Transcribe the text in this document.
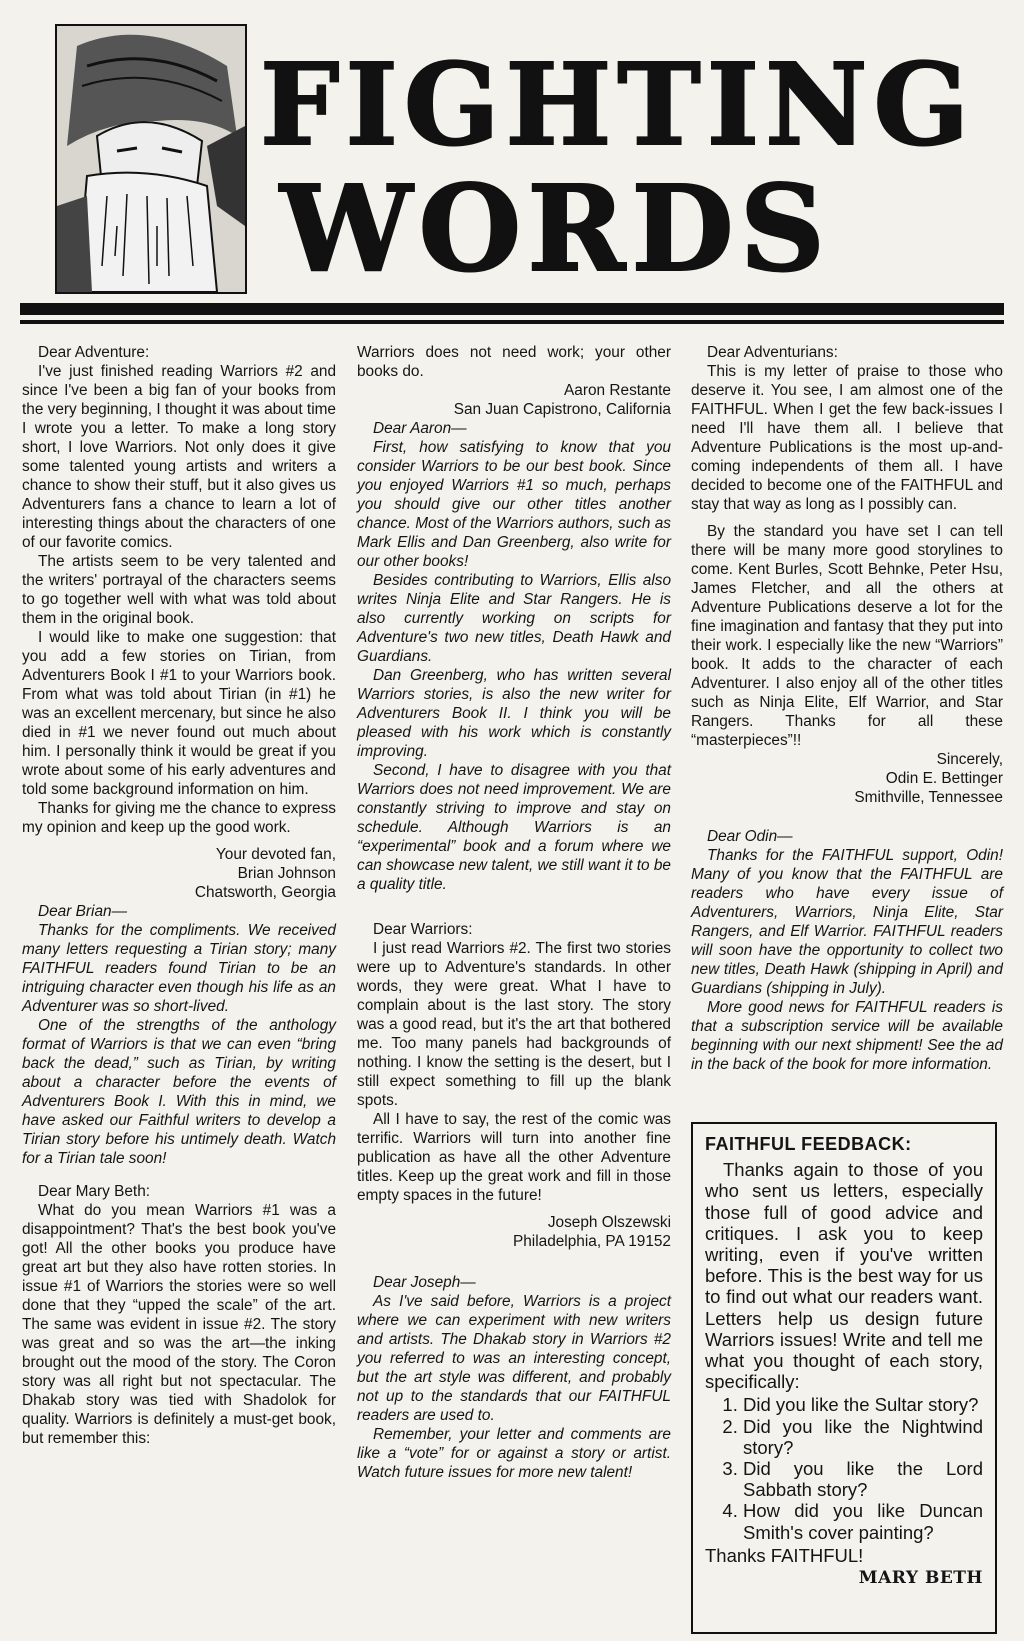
FIGHTING
WORDS

Dear Adventure:

I've just finished reading Warriors #2 and since I've been a big fan of your books from the very beginning, I thought it was about time I wrote you a letter. To make a long story short, I love Warriors. Not only does it give some talented young artists and writers a chance to show their stuff, but it also gives us Adventurers fans a chance to learn a lot of interesting things about the characters of one of our favorite comics.

The artists seem to be very talented and the writers' portrayal of the characters seems to go together well with what was told about them in the original book.

I would like to make one suggestion: that you add a few stories on Tirian, from Adventurers Book I #1 to your Warriors book. From what was told about Tirian (in #1) he was an excellent mercenary, but since he also died in #1 we never found out much about him. I personally think it would be great if you wrote about some of his early adventures and told some background information on him.

Thanks for giving me the chance to express my opinion and keep up the good work.

Your devoted fan,

Brian Johnson

Chatsworth, Georgia

Dear Brian—

Thanks for the compliments. We received many letters requesting a Tirian story; many FAITHFUL readers found Tirian to be an intriguing character even though his life as an Adventurer was so short-lived.

One of the strengths of the anthology format of Warriors is that we can even “bring back the dead,” such as Tirian, by writing about a character before the events of Adventurers Book I. With this in mind, we have asked our Faithful writers to develop a Tirian story before his untimely death. Watch for a Tirian tale soon!

Dear Mary Beth:

What do you mean Warriors #1 was a disappointment? That's the best book you've got! All the other books you produce have great art but they also have rotten stories. In issue #1 of Warriors the stories were so well done that they “upped the scale” of the art. The same was evident in issue #2. The story was great and so was the art—the inking brought out the mood of the story. The Coron story was all right but not spectacular. The Dhakab story was tied with Shadolok for quality. Warriors is definitely a must-get book, but remember this:

Warriors does not need work; your other books do.

Aaron Restante

San Juan Capistrono, California

Dear Aaron—

First, how satisfying to know that you consider Warriors to be our best book. Since you enjoyed Warriors #1 so much, perhaps you should give our other titles another chance. Most of the Warriors authors, such as Mark Ellis and Dan Greenberg, also write for our other books!

Besides contributing to Warriors, Ellis also writes Ninja Elite and Star Rangers. He is also currently working on scripts for Adventure's two new titles, Death Hawk and Guardians.

Dan Greenberg, who has written several Warriors stories, is also the new writer for Adventurers Book II. I think you will be pleased with his work which is constantly improving.

Second, I have to disagree with you that Warriors does not need improvement. We are constantly striving to improve and stay on schedule. Although Warriors is an “experimental” book and a forum where we can showcase new talent, we still want it to be a quality title.

Dear Warriors:

I just read Warriors #2. The first two stories were up to Adventure's standards. In other words, they were great. What I have to complain about is the last story. The story was a good read, but it's the art that bothered me. Too many panels had backgrounds of nothing. I know the setting is the desert, but I still expect something to fill up the blank spots.

All I have to say, the rest of the comic was terrific. Warriors will turn into another fine publication as have all the other Adventure titles. Keep up the great work and fill in those empty spaces in the future!

Joseph Olszewski

Philadelphia, PA 19152

Dear Joseph—

As I've said before, Warriors is a project where we can experiment with new writers and artists. The Dhakab story in Warriors #2 you referred to was an interesting concept, but the art style was different, and probably not up to the standards that our FAITHFUL readers are used to.

Remember, your letter and comments are like a “vote” for or against a story or artist. Watch future issues for more new talent!

Dear Adventurians:

This is my letter of praise to those who deserve it. You see, I am almost one of the FAITHFUL. When I get the few back-issues I need I'll have them all. I believe that Adventure Publications is the most up-and-coming independents of them all. I have decided to become one of the FAITHFUL and stay that way as long as I possibly can.

By the standard you have set I can tell there will be many more good storylines to come. Kent Burles, Scott Behnke, Peter Hsu, James Fletcher, and all the others at Adventure Publications deserve a lot for the fine imagination and fantasy that they put into their work. I especially like the new “Warriors” book. It adds to the character of each Adventurer. I also enjoy all of the other titles such as Ninja Elite, Elf Warrior, and Star Rangers. Thanks for all these “masterpieces”!!

Sincerely,

Odin E. Bettinger

Smithville, Tennessee

Dear Odin—

Thanks for the FAITHFUL support, Odin! Many of you know that the FAITHFUL are readers who have every issue of Adventurers, Warriors, Ninja Elite, Star Rangers, and Elf Warrior. FAITHFUL readers will soon have the opportunity to collect two new titles, Death Hawk (shipping in April) and Guardians (shipping in July).

More good news for FAITHFUL readers is that a subscription service will be available beginning with our next shipment! See the ad in the back of the book for more information.

FAITHFUL FEEDBACK:

Thanks again to those of you who sent us letters, especially those full of good advice and critiques. I ask you to keep writing, even if you've written before. This is the best way for us to find out what our readers want. Letters help us design future Warriors issues! Write and tell me what you thought of each story, specifically:

1. Did you like the Sultar story?
2. Did you like the Nightwind story?
3. Did you like the Lord Sabbath story?
4. How did you like Duncan Smith's cover painting?

Thanks FAITHFUL!

MARY BETH
